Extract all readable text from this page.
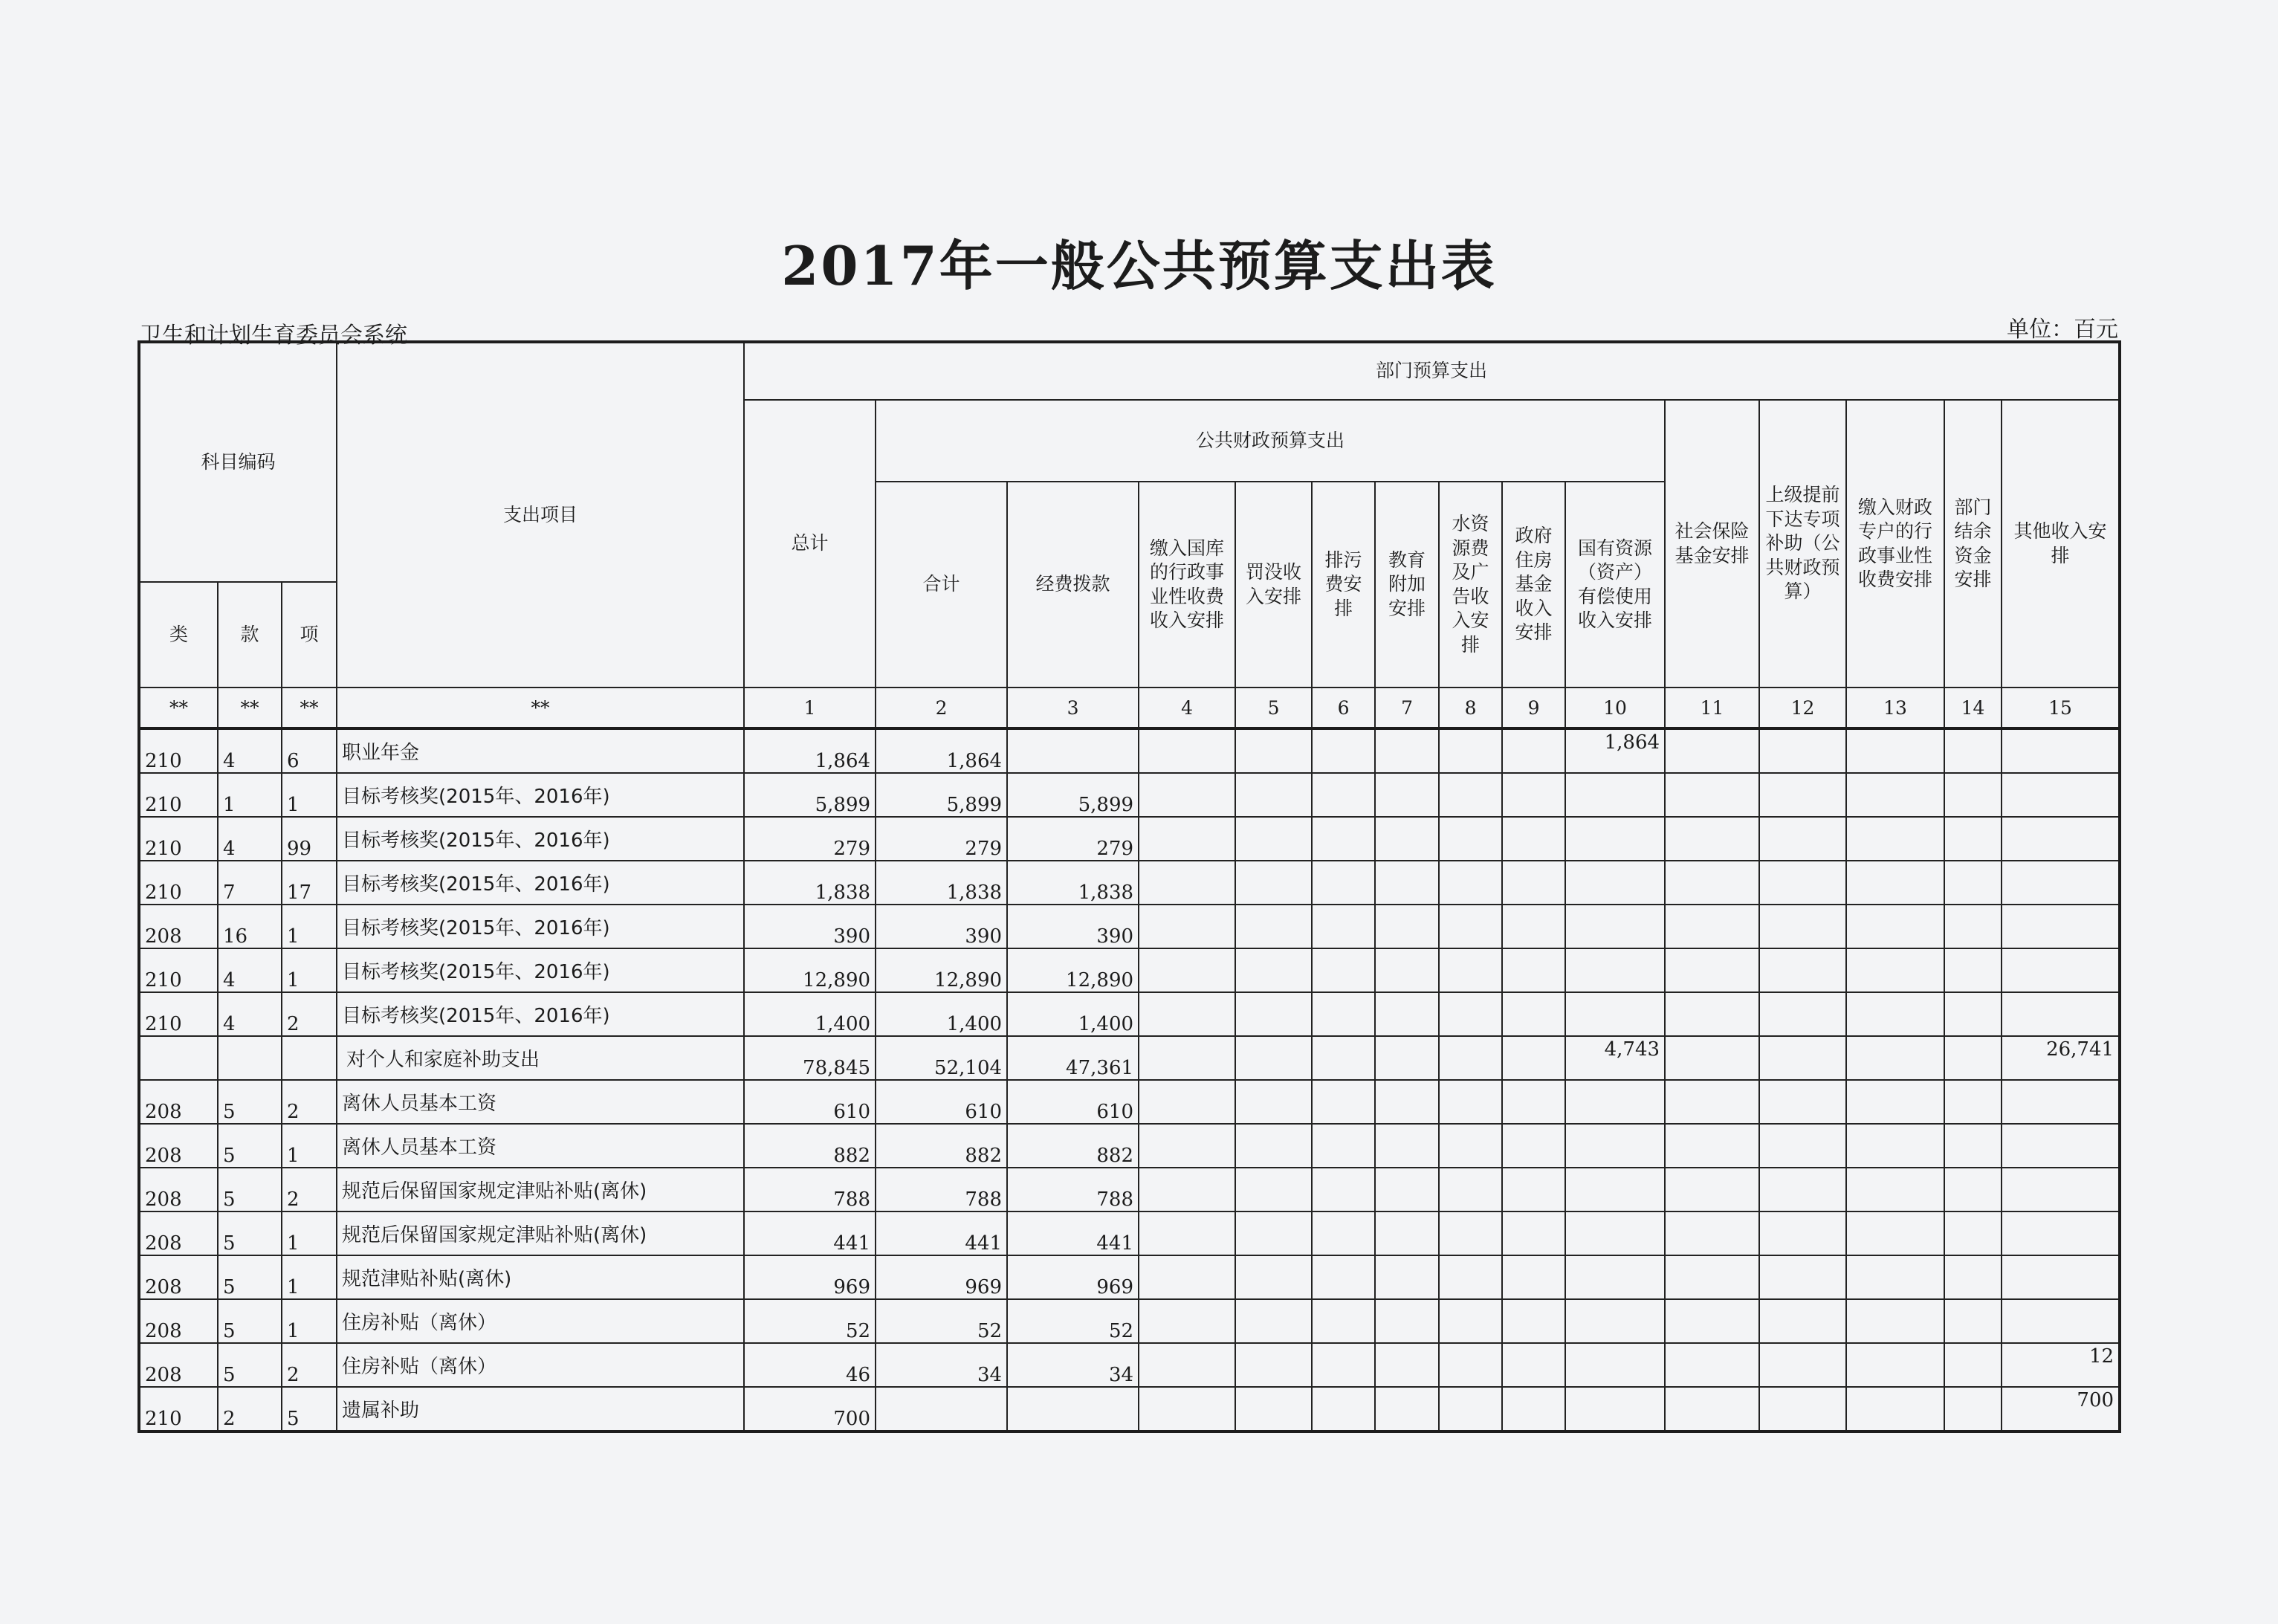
2017年一般公共预算支出表
卫生和计划生育委员会系统	单位：百元
科目编码			支出项目	部门预算支出														
				总计	公共财政预算支出									社会保险基金安排	上级提前下达专项补助（公共财政预算）	缴入财政专户的行政事业性收费安排	部门结余资金安排	其他收入安排
					合计	经费拨款	缴入国库的行政事业性收费收入安排	罚没收入安排	排污费安排	教育附加安排	水资源费及广告收入安排	政府住房基金收入安排	国有资源（资产）有偿使用收入安排					
类	款	项																
**	**	**	**	1	2	3	4	5	6	7	8	9	10	11	12	13	14	15
210	4	6	职业年金	1,864	1,864								1,864					
210	1	1	目标考核奖(2015年、2016年)	5,899	5,899	5,899												
210	4	99	目标考核奖(2015年、2016年)	279	279	279												
210	7	17	目标考核奖(2015年、2016年)	1,838	1,838	1,838												
208	16	1	目标考核奖(2015年、2016年)	390	390	390												
210	4	1	目标考核奖(2015年、2016年)	12,890	12,890	12,890												
210	4	2	目标考核奖(2015年、2016年)	1,400	1,400	1,400												
			对个人和家庭补助支出	78,845	52,104	47,361							4,743					26,741
208	5	2	离休人员基本工资	610	610	610												
208	5	1	离休人员基本工资	882	882	882												
208	5	2	规范后保留国家规定津贴补贴(离休)	788	788	788												
208	5	1	规范后保留国家规定津贴补贴(离休)	441	441	441												
208	5	1	规范津贴补贴(离休)	969	969	969												
208	5	1	住房补贴（离休）	52	52	52												
208	5	2	住房补贴（离休）	46	34	34												12
210	2	5	遗属补助	700														700
